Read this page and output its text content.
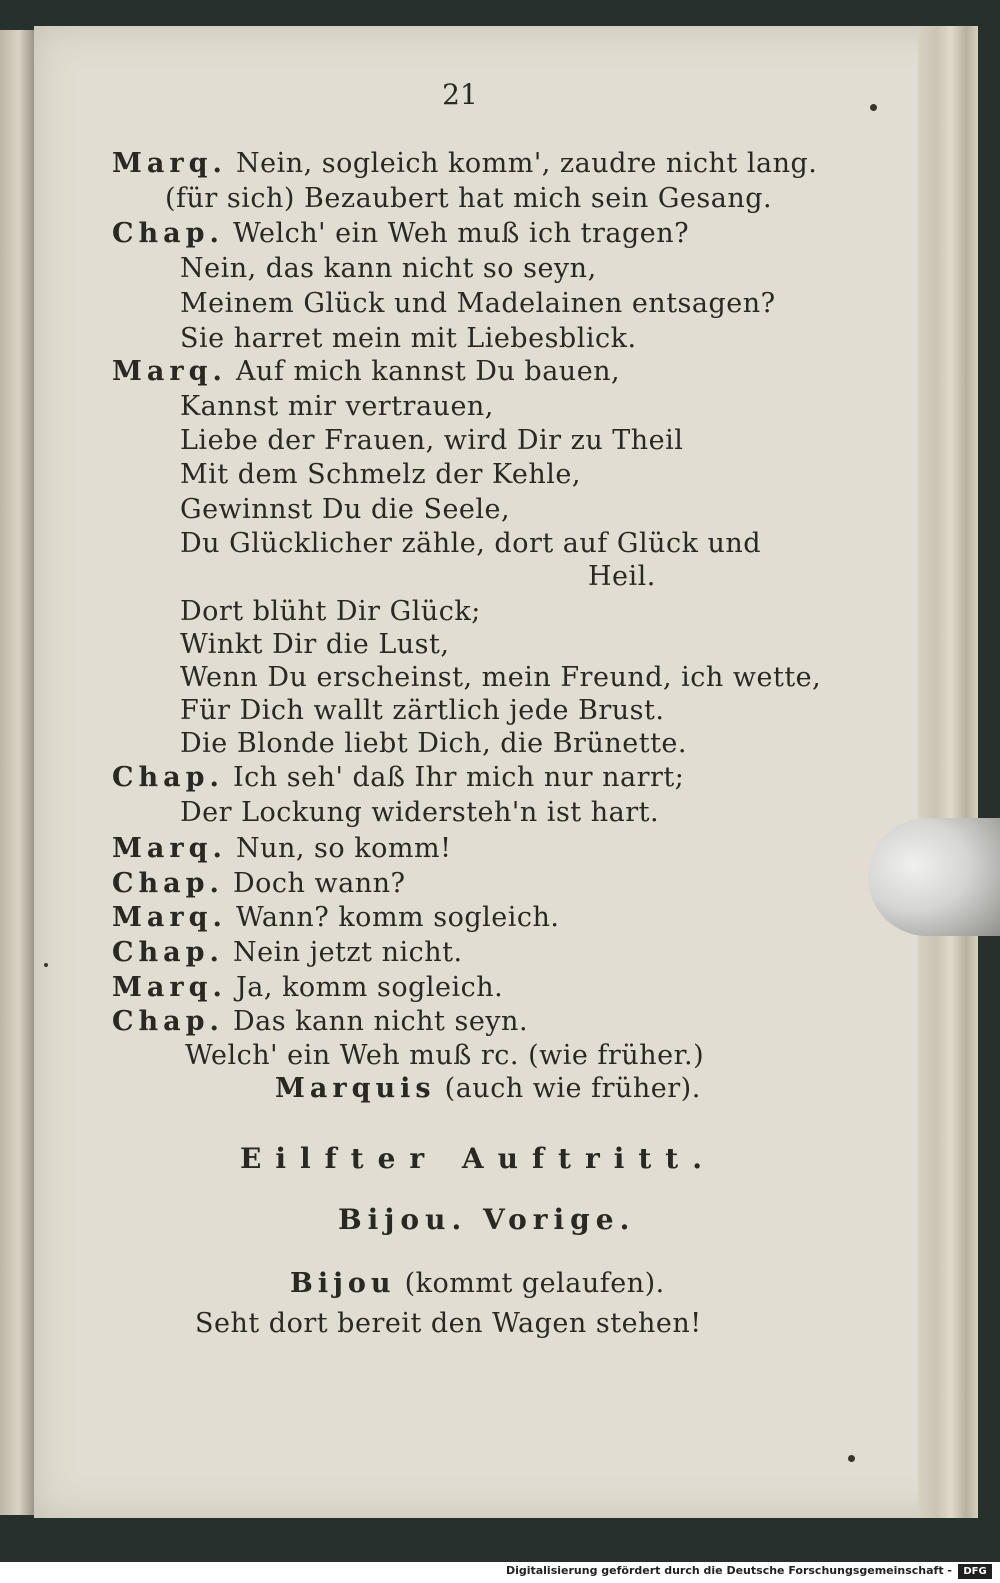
21
Marq. Nein, sogleich komm', zaudre nicht lang.
(für sich) Bezaubert hat mich sein Gesang.
Chap. Welch' ein Weh muß ich tragen?
Nein, das kann nicht so seyn,
Meinem Glück und Madelainen entsagen?
Sie harret mein mit Liebesblick.
Marq. Auf mich kannst Du bauen,
Kannst mir vertrauen,
Liebe der Frauen, wird Dir zu Theil
Mit dem Schmelz der Kehle,
Gewinnst Du die Seele,
Du Glücklicher zähle, dort auf Glück und
Heil.
Dort blüht Dir Glück;
Winkt Dir die Lust,
Wenn Du erscheinst, mein Freund, ich wette,
Für Dich wallt zärtlich jede Brust.
Die Blonde liebt Dich, die Brünette.
Chap. Ich seh' daß Ihr mich nur narrt;
Der Lockung widersteh'n ist hart.
Marq. Nun, so komm!
Chap. Doch wann?
Marq. Wann? komm sogleich.
Chap. Nein jetzt nicht.
Marq. Ja, komm sogleich.
Chap. Das kann nicht seyn.
Welch' ein Weh muß rc. (wie früher.)
Marquis (auch wie früher).
Eilfter Auftritt.
Bijou. Vorige.
Bijou (kommt gelaufen).
Seht dort bereit den Wagen stehen!
Digitalisierung gefördert durch die Deutsche Forschungsgemeinschaft -	DFG
